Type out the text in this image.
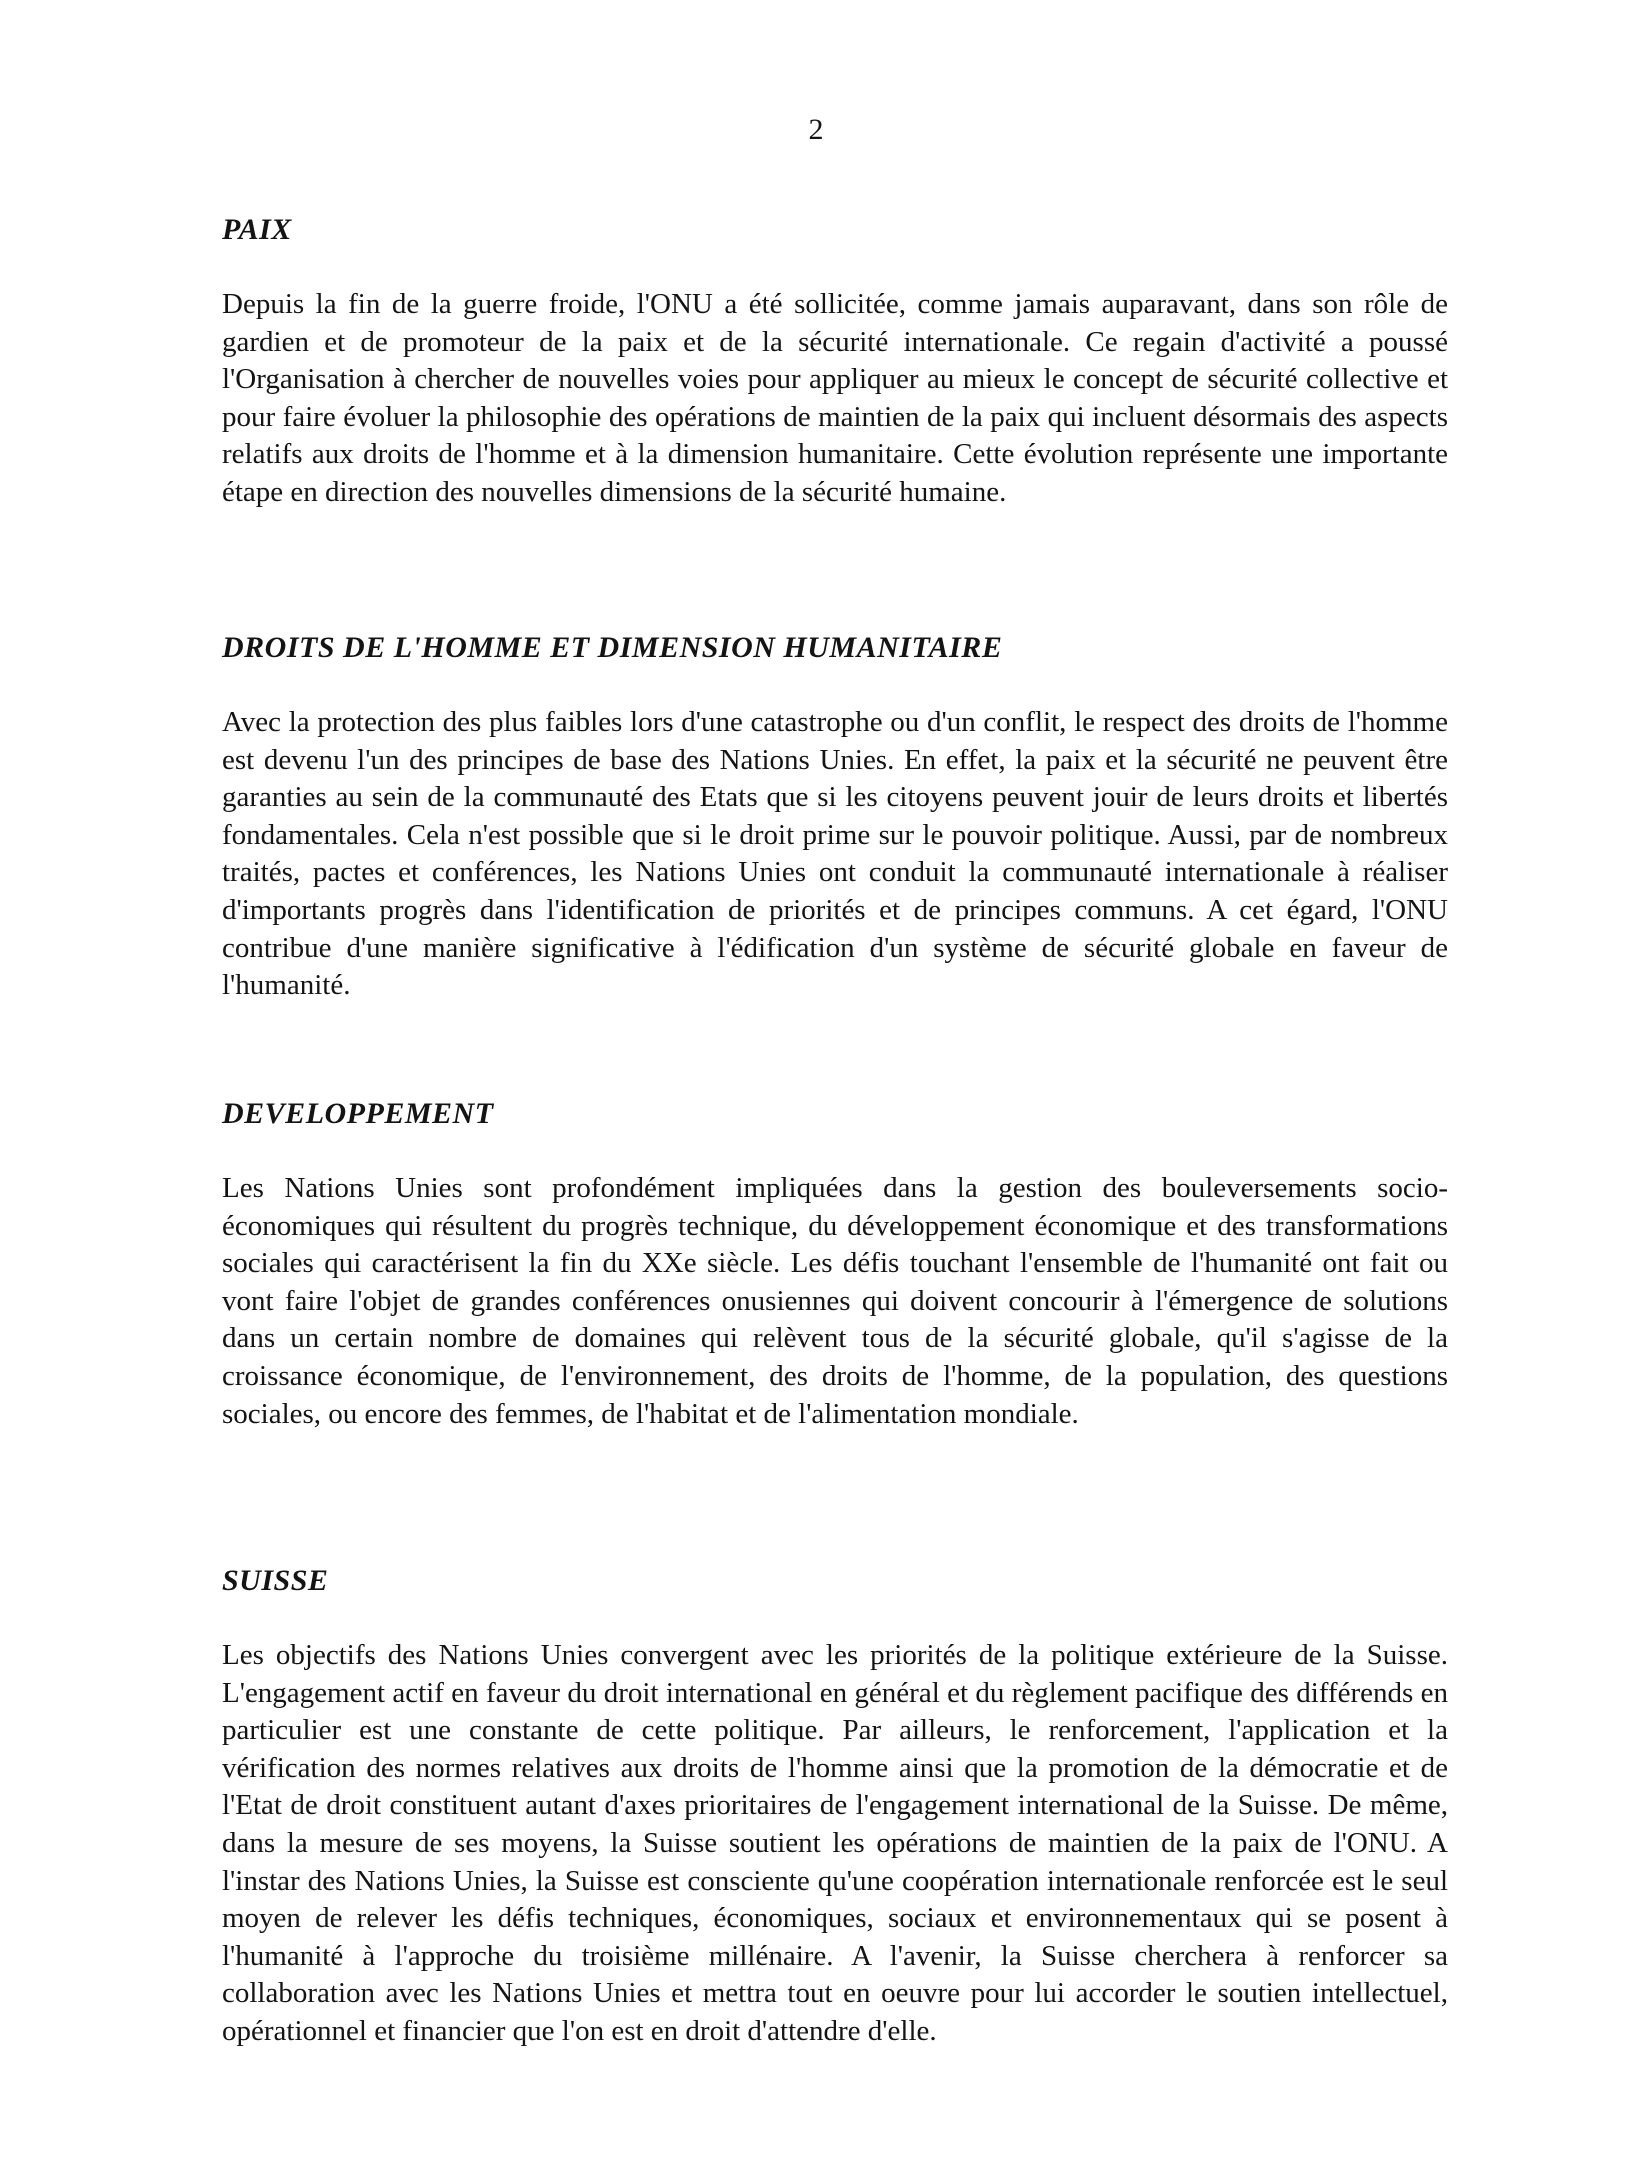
2
PAIX

Depuis la fin de la guerre froide, l'ONU a été sollicitée, comme jamais auparavant, dans son rôle de gardien et de promoteur de la paix et de la sécurité internationale. Ce regain d'activité a poussé l'Organisation à chercher de nouvelles voies pour appliquer au mieux le concept de sécurité collective et pour faire évoluer la philosophie des opérations de maintien de la paix qui incluent désormais des aspects relatifs aux droits de l'homme et à la dimension humanitaire. Cette évolution représente une importante étape en direction des nouvelles dimensions de la sécurité humaine.

DROITS DE L'HOMME ET DIMENSION HUMANITAIRE

Avec la protection des plus faibles lors d'une catastrophe ou d'un conflit, le respect des droits de l'homme est devenu l'un des principes de base des Nations Unies. En effet, la paix et la sécurité ne peuvent être garanties au sein de la communauté des Etats que si les citoyens peuvent jouir de leurs droits et libertés fondamentales. Cela n'est possible que si le droit prime sur le pouvoir politique. Aussi, par de nombreux traités, pactes et conférences, les Nations Unies ont conduit la communauté internationale à réaliser d'importants progrès dans l'identification de priorités et de principes communs. A cet égard, l'ONU contribue d'une manière significative à l'édification d'un système de sécurité globale en faveur de l'humanité.

DEVELOPPEMENT

Les Nations Unies sont profondément impliquées dans la gestion des bouleversements socio-économiques qui résultent du progrès technique, du développement économique et des transformations sociales qui caractérisent la fin du XXe siècle. Les défis touchant l'ensemble de l'humanité ont fait ou vont faire l'objet de grandes conférences onusiennes qui doivent concourir à l'émergence de solutions dans un certain nombre de domaines qui relèvent tous de la sécurité globale, qu'il s'agisse de la croissance économique, de l'environnement, des droits de l'homme, de la population, des questions sociales, ou encore des femmes, de l'habitat et de l'alimentation mondiale.

SUISSE

Les objectifs des Nations Unies convergent avec les priorités de la politique extérieure de la Suisse. L'engagement actif en faveur du droit international en général et du règlement pacifique des différends en particulier est une constante de cette politique. Par ailleurs, le renforcement, l'application et la vérification des normes relatives aux droits de l'homme ainsi que la promotion de la démocratie et de l'Etat de droit constituent autant d'axes prioritaires de l'engagement international de la Suisse. De même, dans la mesure de ses moyens, la Suisse soutient les opérations de maintien de la paix de l'ONU. A l'instar des Nations Unies, la Suisse est consciente qu'une coopération internationale renforcée est le seul moyen de relever les défis techniques, économiques, sociaux et environnementaux qui se posent à l'humanité à l'approche du troisième millénaire. A l'avenir, la Suisse cherchera à renforcer sa collaboration avec les Nations Unies et mettra tout en oeuvre pour lui accorder le soutien intellectuel, opérationnel et financier que l'on est en droit d'attendre d'elle.
